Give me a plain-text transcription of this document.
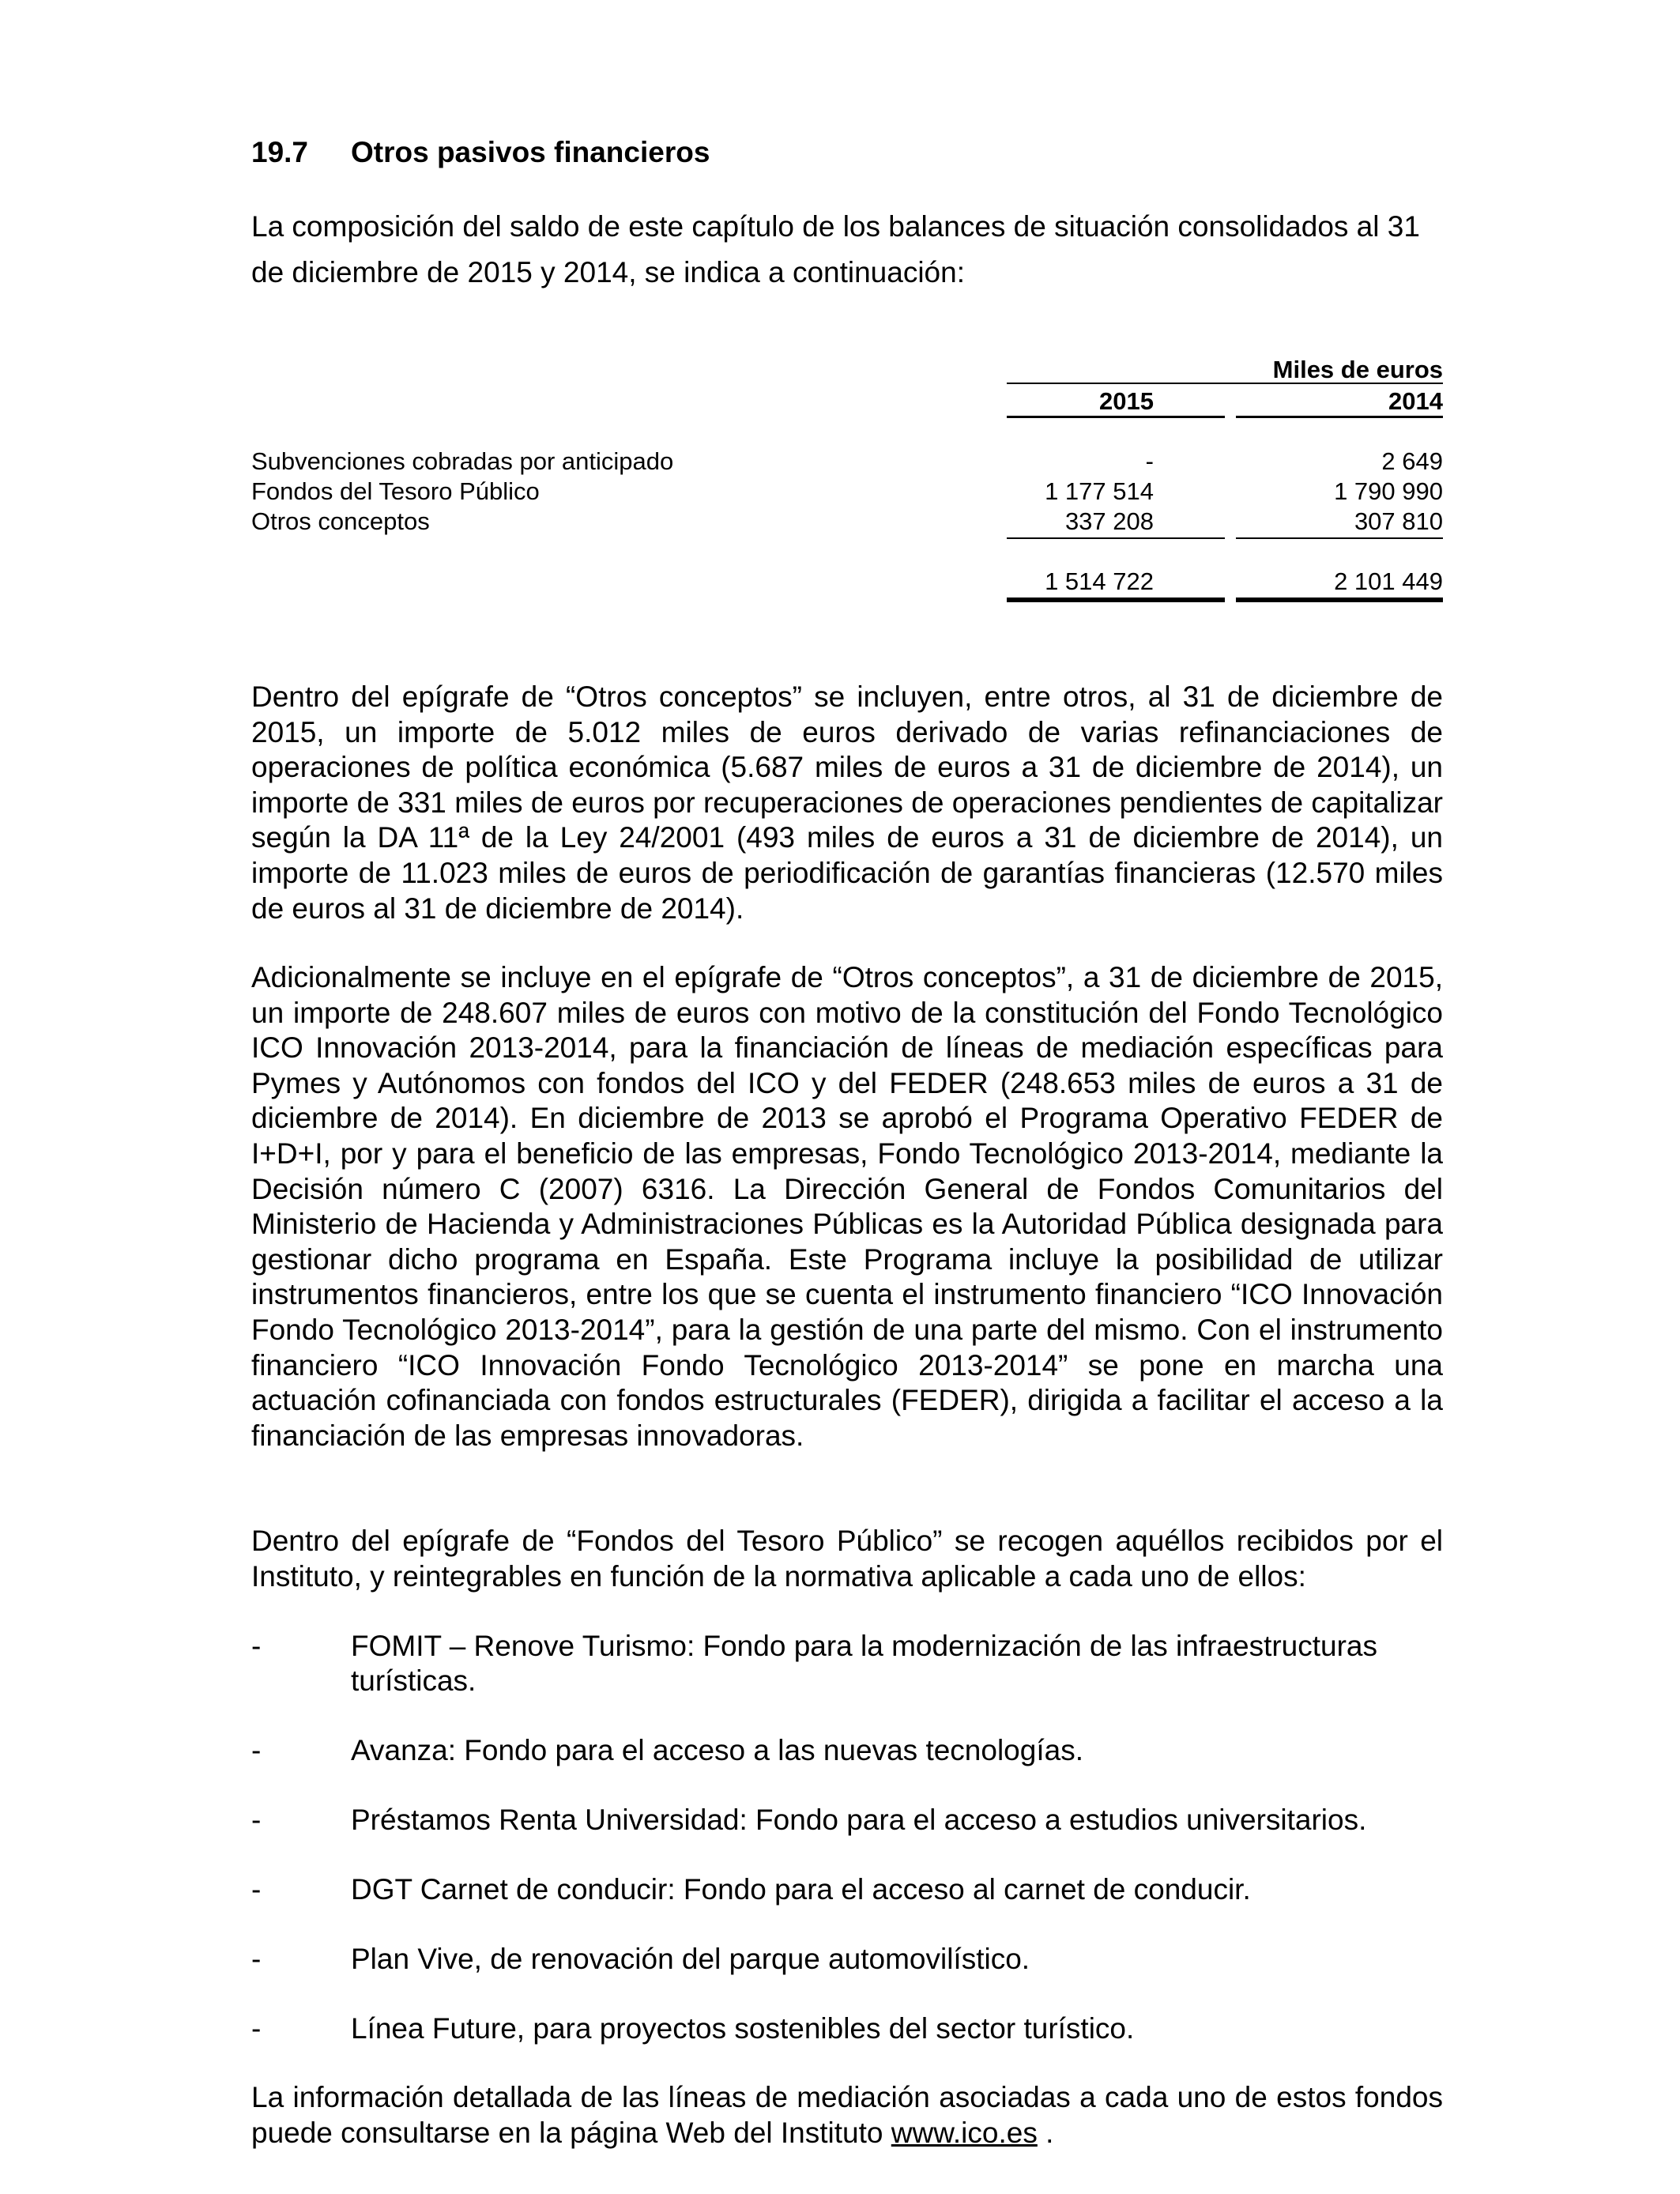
19.7 Otros pasivos financieros
La composición del saldo de este capítulo de los balances de situación consolidados al 31 de diciembre de 2015 y 2014, se indica a continuación:
Miles de euros
2015	2014
Subvenciones cobradas por anticipado	-	2 649
Fondos del Tesoro Público	1 177 514	1 790 990
Otros conceptos	337 208	307 810
1 514 722	2 101 449
Dentro del epígrafe de “Otros conceptos” se incluyen, entre otros, al 31 de diciembre de 2015, un importe de 5.012 miles de euros derivado de varias refinanciaciones de operaciones de política económica (5.687 miles de euros a 31 de diciembre de 2014), un importe de 331 miles de euros por recuperaciones de operaciones pendientes de capitalizar según la DA 11ª de la Ley 24/2001 (493 miles de euros a 31 de diciembre de 2014), un importe de 11.023 miles de euros de periodificación de garantías financieras (12.570 miles de euros al 31 de diciembre de 2014).
Adicionalmente se incluye en el epígrafe de “Otros conceptos”, a 31 de diciembre de 2015, un importe de 248.607 miles de euros con motivo de la constitución del Fondo Tecnológico ICO Innovación 2013-2014, para la financiación de líneas de mediación específicas para Pymes y Autónomos con fondos del ICO y del FEDER (248.653 miles de euros a 31 de diciembre de 2014). En diciembre de 2013 se aprobó el Programa Operativo FEDER de I+D+I, por y para el beneficio de las empresas, Fondo Tecnológico 2013-2014, mediante la Decisión número C (2007) 6316. La Dirección General de Fondos Comunitarios del Ministerio de Hacienda y Administraciones Públicas es la Autoridad Pública designada para gestionar dicho programa en España. Este Programa incluye la posibilidad de utilizar instrumentos financieros, entre los que se cuenta el instrumento financiero “ICO Innovación Fondo Tecnológico 2013-2014”, para la gestión de una parte del mismo. Con el instrumento financiero “ICO Innovación Fondo Tecnológico 2013-2014” se pone en marcha una actuación cofinanciada con fondos estructurales (FEDER), dirigida a facilitar el acceso a la financiación de las empresas innovadoras.
Dentro del epígrafe de “Fondos del Tesoro Público” se recogen aquéllos recibidos por el Instituto, y reintegrables en función de la normativa aplicable a cada uno de ellos:
-	FOMIT – Renove Turismo: Fondo para la modernización de las infraestructuras turísticas.
-	Avanza: Fondo para el acceso a las nuevas tecnologías.
-	Préstamos Renta Universidad: Fondo para el acceso a estudios universitarios.
-	DGT Carnet de conducir: Fondo para el acceso al carnet de conducir.
-	Plan Vive, de renovación del parque automovilístico.
-	Línea Future, para proyectos sostenibles del sector turístico.
La información detallada de las líneas de mediación asociadas a cada uno de estos fondos puede consultarse en la página Web del Instituto www.ico.es .
